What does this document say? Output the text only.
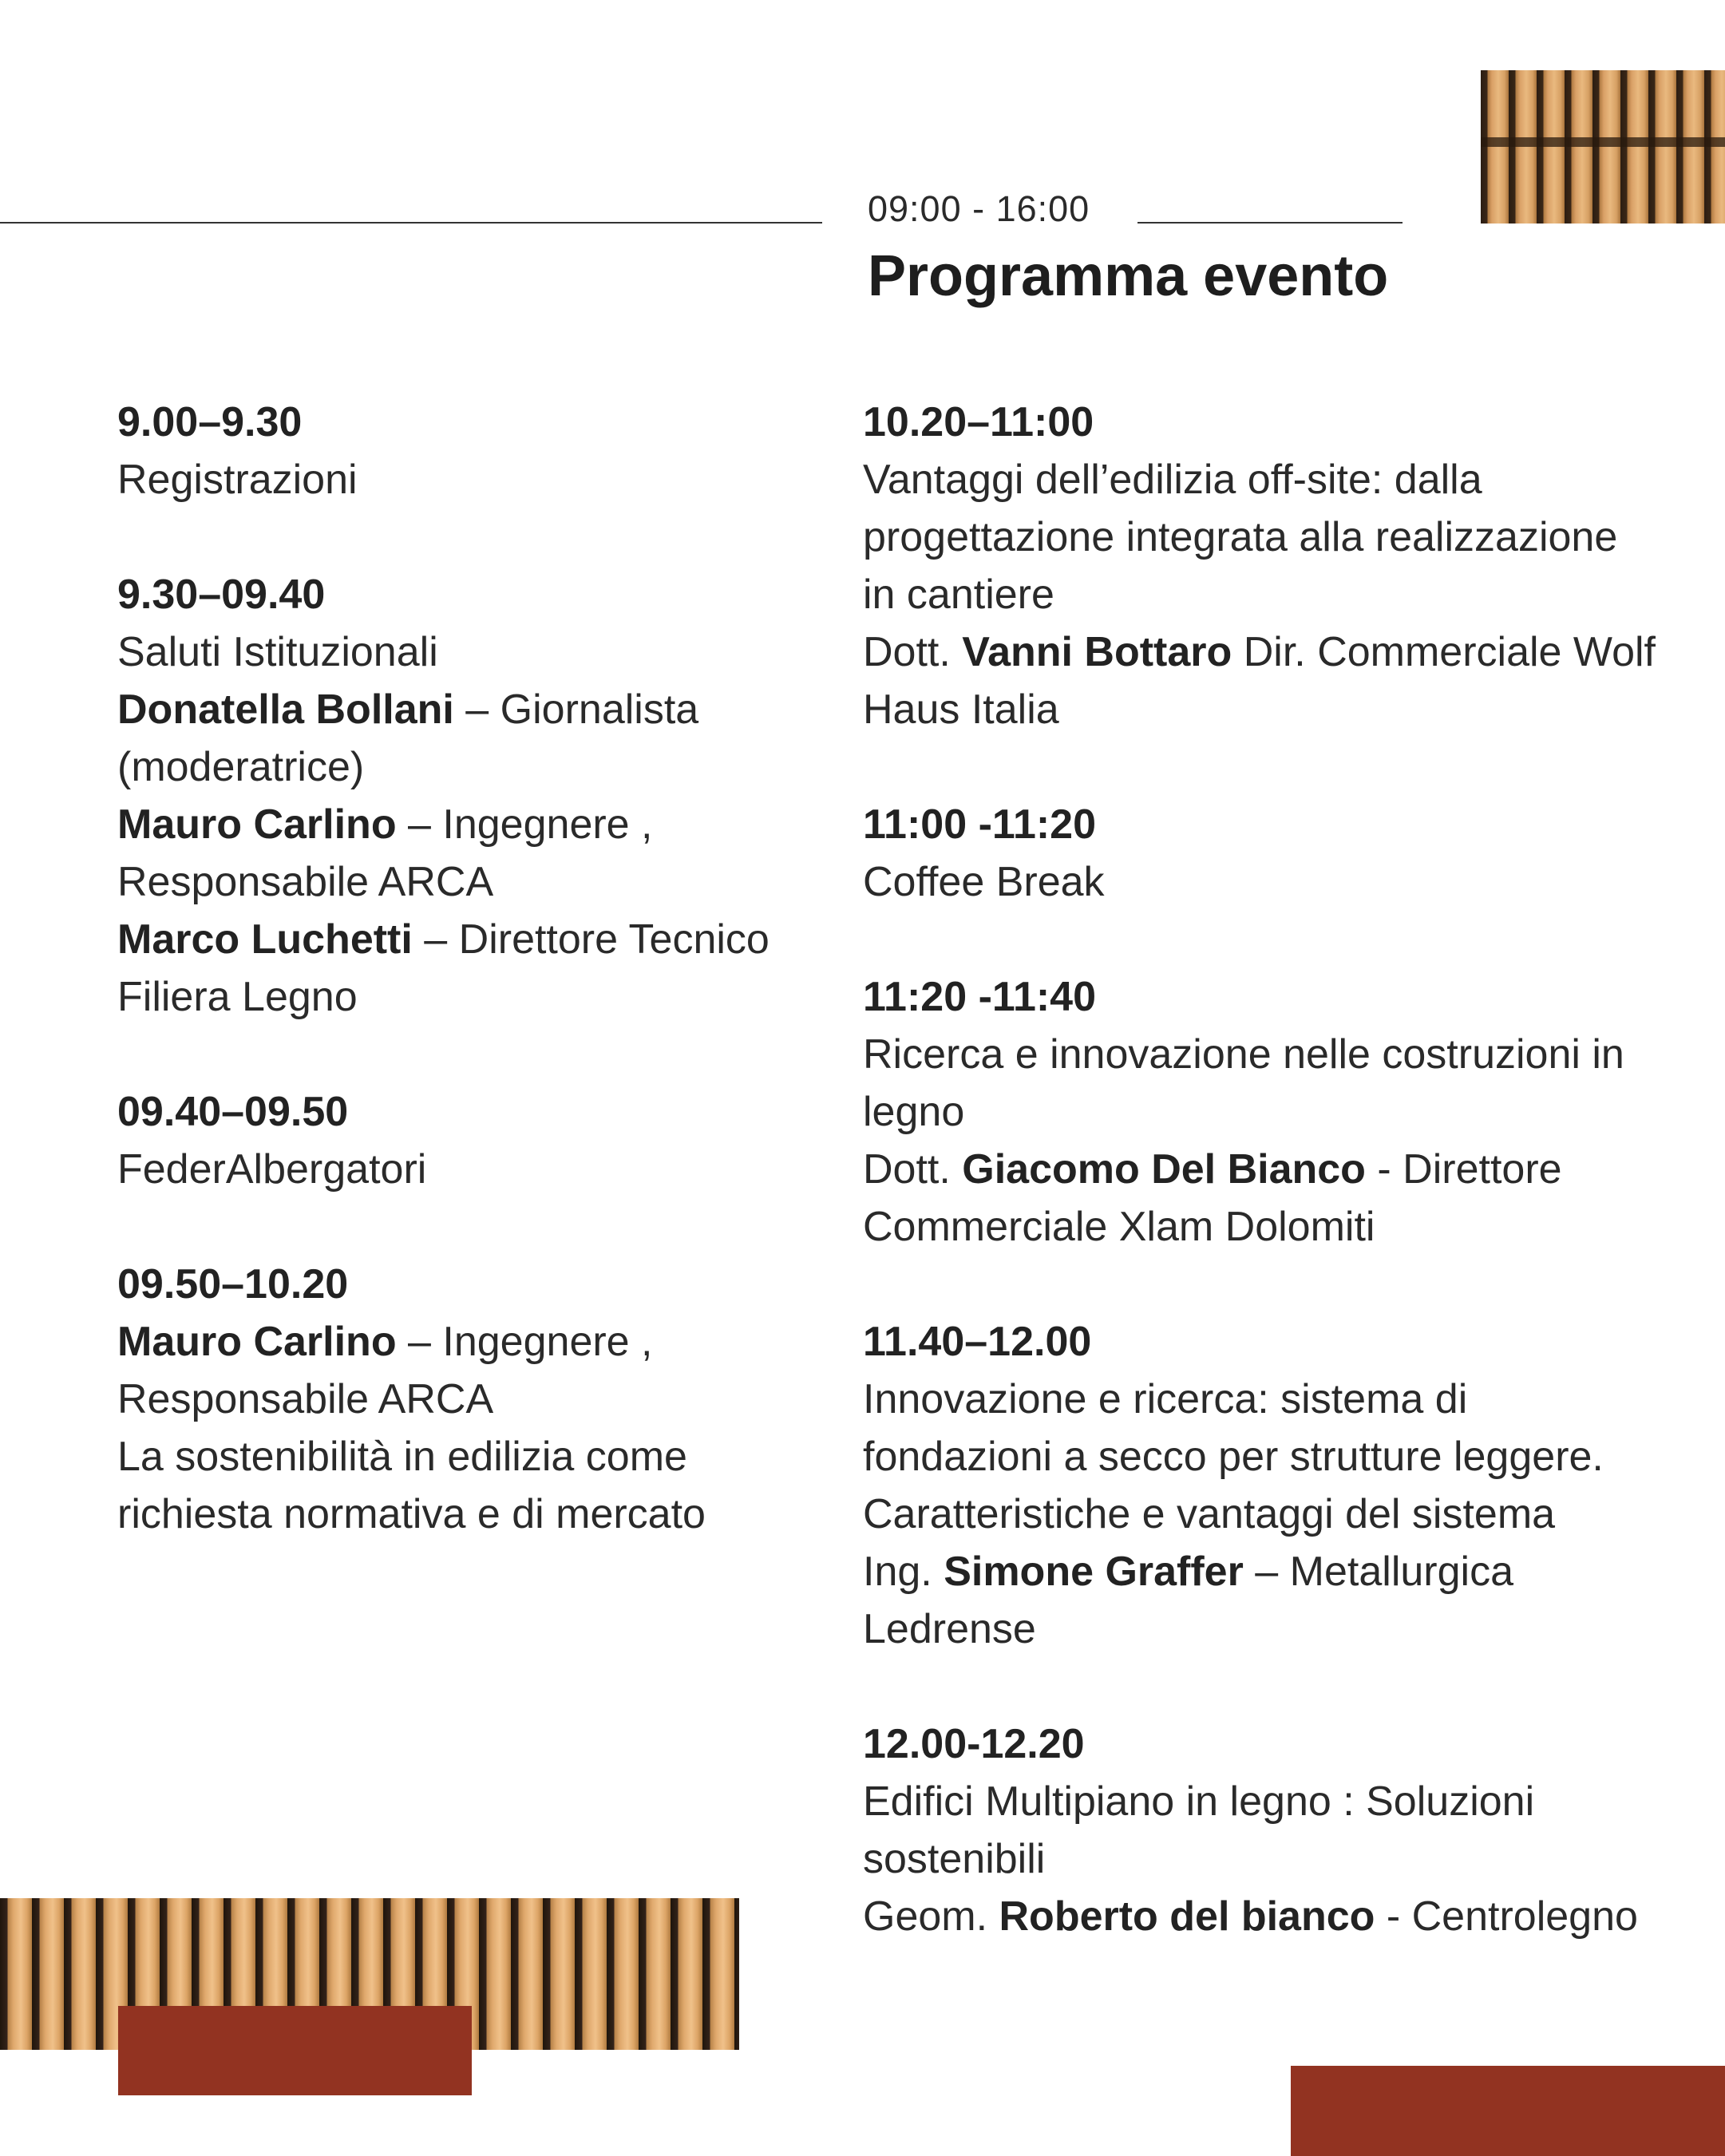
09:00 - 16:00
Programma evento
9.00–9.30
Registrazioni
9.30–09.40
Saluti Istituzionali
Donatella Bollani – Giornalista
(moderatrice)
Mauro Carlino – Ingegnere ,
Responsabile ARCA
Marco Luchetti – Direttore Tecnico
Filiera Legno
09.40–09.50
FederAlbergatori
09.50–10.20
Mauro Carlino – Ingegnere ,
Responsabile ARCA
La sostenibilità in edilizia come
richiesta normativa e di mercato
10.20–11:00
Vantaggi dell’edilizia off-site: dalla
progettazione integrata alla realizzazione
in cantiere
Dott. Vanni Bottaro Dir. Commerciale Wolf
Haus Italia
11:00 -11:20
Coffee Break
11:20 -11:40
Ricerca e innovazione nelle costruzioni in
legno
Dott. Giacomo Del Bianco - Direttore
Commerciale Xlam Dolomiti
11.40–12.00
Innovazione e ricerca: sistema di
fondazioni a secco per strutture leggere.
Caratteristiche e vantaggi del sistema
Ing. Simone Graffer – Metallurgica
Ledrense
12.00-12.20
Edifici Multipiano in legno : Soluzioni
sostenibili
Geom. Roberto del bianco - Centrolegno
